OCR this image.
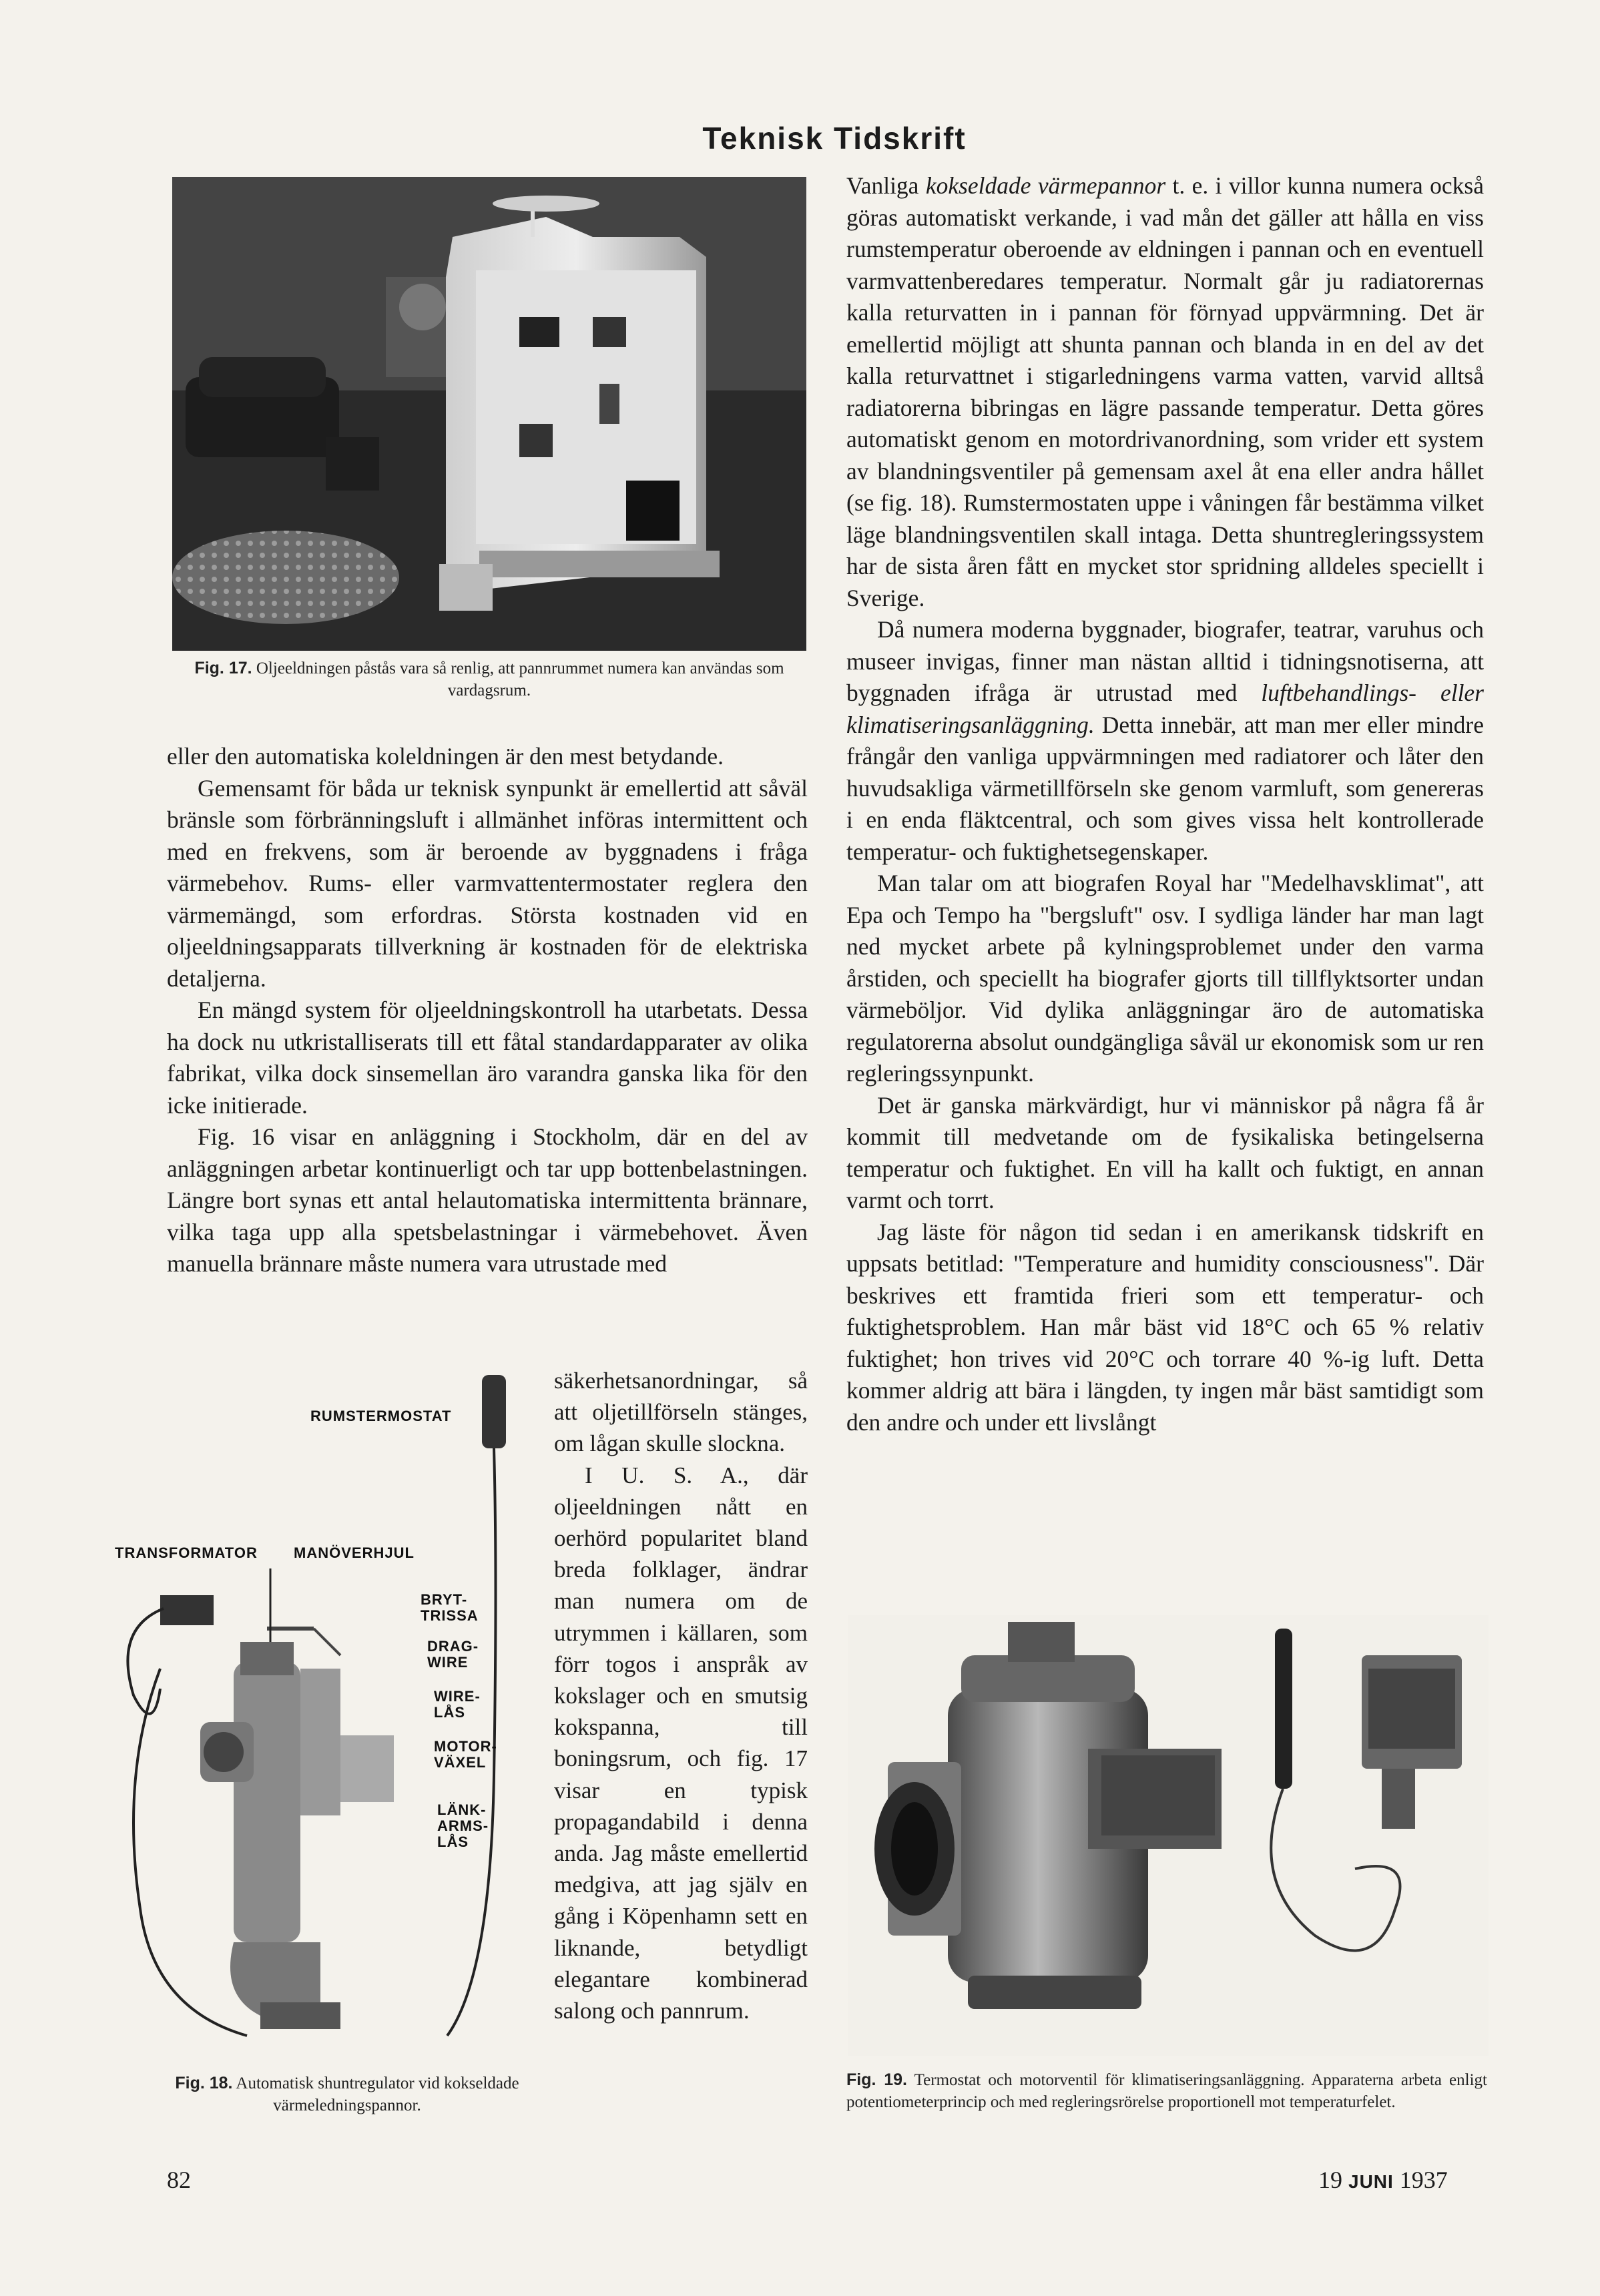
Teknisk Tidskrift
Fig. 17. Oljeeldningen påstås vara så renlig, att pannrummet numera kan användas som vardagsrum.

eller den automatiska koleldningen är den mest betydande.

Gemensamt för båda ur teknisk synpunkt är emellertid att såväl bränsle som förbränningsluft i allmänhet införas intermittent och med en frekvens, som är beroende av byggnadens i fråga värmebehov. Rums- eller varmvattentermostater reglera den värmemängd, som erfordras. Största kostnaden vid en oljeeldningsapparats tillverkning är kostnaden för de elektriska detaljerna.

En mängd system för oljeeldningskontroll ha utarbetats. Dessa ha dock nu utkristalliserats till ett fåtal standardapparater av olika fabrikat, vilka dock sinsemellan äro varandra ganska lika för den icke initierade.

Fig. 16 visar en anläggning i Stockholm, där en del av anläggningen arbetar kontinuerligt och tar upp bottenbelastningen. Längre bort synas ett antal helautomatiska intermittenta brännare, vilka taga upp alla spetsbelastningar i värmebehovet. Även manuella brännare måste numera vara utrustade med

säkerhetsanordningar, så att oljetillförseln stänges, om lågan skulle slockna.

I U. S. A., där oljeeldningen nått en oerhörd popularitet bland breda folklager, ändrar man numera om de utrymmen i källaren, som förr togos i anspråk av kokslager och en smutsig kokspanna, till boningsrum, och fig. 17 visar en typisk propagandabild i denna anda. Jag måste emellertid medgiva, att jag själv en gång i Köpenhamn sett en liknande, betydligt elegantare kombinerad salong och pannrum.

RUMSTERMOSTAT
TRANSFORMATOR MANÖVERHJUL
BRYT-
TRISSA
DRAG-
WIRE
WIRE-
LÅS
MOTOR-
VÄXEL
LÄNK-
ARMS-
LÅS
Fig. 18. Automatisk shuntregulator vid kokseldade värmeledningspannor.

Vanliga kokseldade värmepannor t. e. i villor kunna numera också göras automatiskt verkande, i vad mån det gäller att hålla en viss rumstemperatur oberoende av eldningen i pannan och en eventuell varmvattenberedares temperatur. Normalt går ju radiatorernas kalla returvatten in i pannan för förnyad uppvärmning. Det är emellertid möjligt att shunta pannan och blanda in en del av det kalla returvattnet i stigarledningens varma vatten, varvid alltså radiatorerna bibringas en lägre passande temperatur. Detta göres automatiskt genom en motordrivanordning, som vrider ett system av blandningsventiler på gemensam axel åt ena eller andra hållet (se fig. 18). Rumstermostaten uppe i våningen får bestämma vilket läge blandningsventilen skall intaga. Detta shuntregleringssystem har de sista åren fått en mycket stor spridning alldeles speciellt i Sverige.

Då numera moderna byggnader, biografer, teatrar, varuhus och museer invigas, finner man nästan alltid i tidningsnotiserna, att byggnaden ifråga är utrustad med luftbehandlings- eller klimatiseringsanläggning. Detta innebär, att man mer eller mindre frångår den vanliga uppvärmningen med radiatorer och låter den huvudsakliga värmetillförseln ske genom varmluft, som genereras i en enda fläktcentral, och som gives vissa helt kontrollerade temperatur- och fuktighetsegenskaper.

Man talar om att biografen Royal har "Medelhavsklimat", att Epa och Tempo ha "bergsluft" osv. I sydliga länder har man lagt ned mycket arbete på kylningsproblemet under den varma årstiden, och speciellt ha biografer gjorts till tillflyktsorter undan värmeböljor. Vid dylika anläggningar äro de automatiska regulatorerna absolut oundgängliga såväl ur ekonomisk som ur ren regleringssynpunkt.

Det är ganska märkvärdigt, hur vi människor på några få år kommit till medvetande om de fysikaliska betingelserna temperatur och fuktighet. En vill ha kallt och fuktigt, en annan varmt och torrt.

Jag läste för någon tid sedan i en amerikansk tidskrift en uppsats betitlad: "Temperature and humidity consciousness". Där beskrives ett framtida frieri som ett temperatur- och fuktighetsproblem. Han mår bäst vid 18°C och 65 % relativ fuktighet; hon trives vid 20°C och torrare 40 %-ig luft. Detta kommer aldrig att bära i längden, ty ingen mår bäst samtidigt som den andre och under ett livslångt

Fig. 19. Termostat och motorventil för klimatiseringsanläggning. Apparaterna arbeta enligt potentiometerprincip och med regleringsrörelse proportionell mot temperaturfelet.
82	19 JUNI 1937
